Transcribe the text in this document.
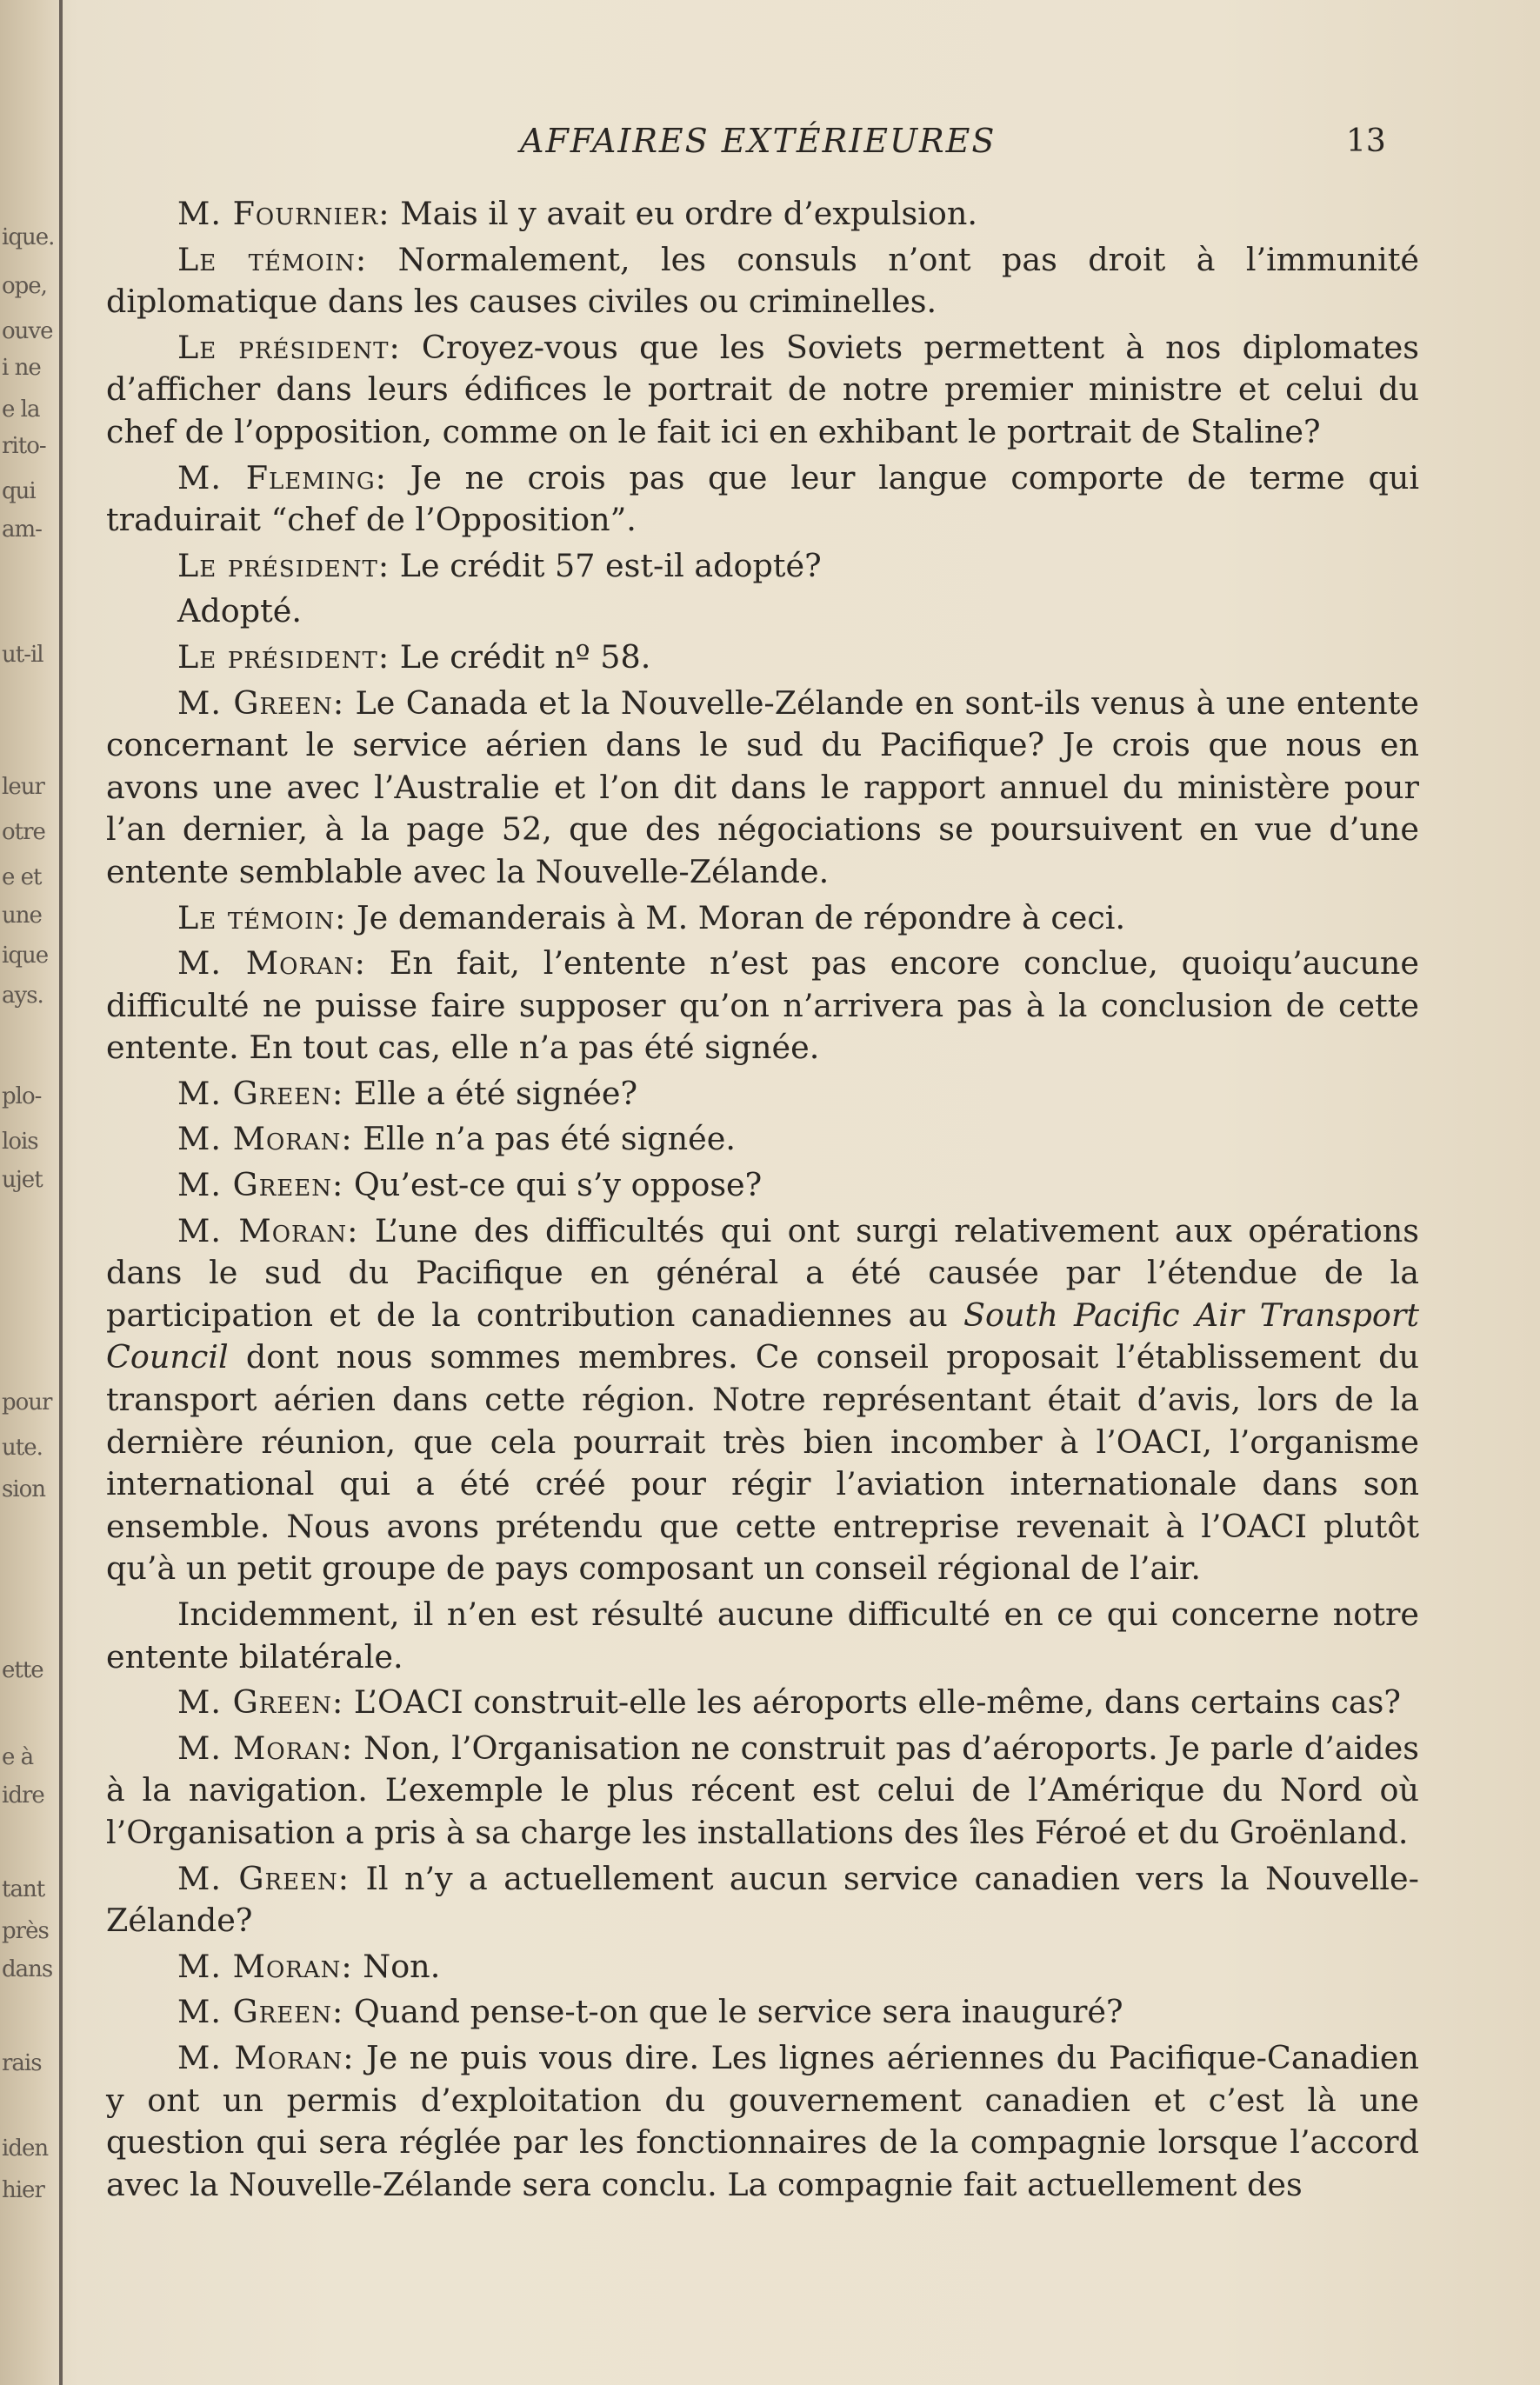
ique.
ope,
ouve
i ne
e la
rito-
qui
am-
ut-il
leur
otre
e et
une
ique
ays.
plo-
lois
ujet
pour
ute.
sion
ette
e à
idre
tant
près
dans
rais
iden
hier
AFFAIRES EXTÉRIEURES	13

M. Fournier: Mais il y avait eu ordre d’expulsion.

Le témoin: Normalement, les consuls n’ont pas droit à l’immunité diplomatique dans les causes civiles ou criminelles.

Le président: Croyez-vous que les Soviets permettent à nos diplomates d’afficher dans leurs édifices le portrait de notre premier ministre et celui du chef de l’opposition, comme on le fait ici en exhibant le portrait de Staline?

M. Fleming: Je ne crois pas que leur langue comporte de terme qui traduirait “chef de l’Opposition”.

Le président: Le crédit 57 est-il adopté?

Adopté.

Le président: Le crédit nº 58.

M. Green: Le Canada et la Nouvelle-Zélande en sont-ils venus à une entente concernant le service aérien dans le sud du Pacifique? Je crois que nous en avons une avec l’Australie et l’on dit dans le rapport annuel du ministère pour l’an dernier, à la page 52, que des négociations se poursuivent en vue d’une entente semblable avec la Nouvelle-Zélande.

Le témoin: Je demanderais à M. Moran de répondre à ceci.

M. Moran: En fait, l’entente n’est pas encore conclue, quoiqu’aucune difficulté ne puisse faire supposer qu’on n’arrivera pas à la conclusion de cette entente. En tout cas, elle n’a pas été signée.

M. Green: Elle a été signée?

M. Moran: Elle n’a pas été signée.

M. Green: Qu’est-ce qui s’y oppose?

M. Moran: L’une des difficultés qui ont surgi relativement aux opérations dans le sud du Pacifique en général a été causée par l’étendue de la participation et de la contribution canadiennes au South Pacific Air Transport Council dont nous sommes membres. Ce conseil proposait l’établissement du transport aérien dans cette région. Notre représentant était d’avis, lors de la dernière réunion, que cela pourrait très bien incomber à l’OACI, l’organisme international qui a été créé pour régir l’aviation internationale dans son ensemble. Nous avons prétendu que cette entreprise revenait à l’OACI plutôt qu’à un petit groupe de pays composant un conseil régional de l’air.

Incidemment, il n’en est résulté aucune difficulté en ce qui concerne notre entente bilatérale.

M. Green: L’OACI construit-elle les aéroports elle-même, dans certains cas?

M. Moran: Non, l’Organisation ne construit pas d’aéroports. Je parle d’aides à la navigation. L’exemple le plus récent est celui de l’Amérique du Nord où l’Organisation a pris à sa charge les installations des îles Féroé et du Groënland.

M. Green: Il n’y a actuellement aucun service canadien vers la Nouvelle-Zélande?

M. Moran: Non.

M. Green: Quand pense-t-on que le service sera inauguré?

M. Moran: Je ne puis vous dire. Les lignes aériennes du Pacifique-Canadien y ont un permis d’exploitation du gouvernement canadien et c’est là une question qui sera réglée par les fonctionnaires de la compagnie lorsque l’accord avec la Nouvelle-Zélande sera conclu. La compagnie fait actuellement des
